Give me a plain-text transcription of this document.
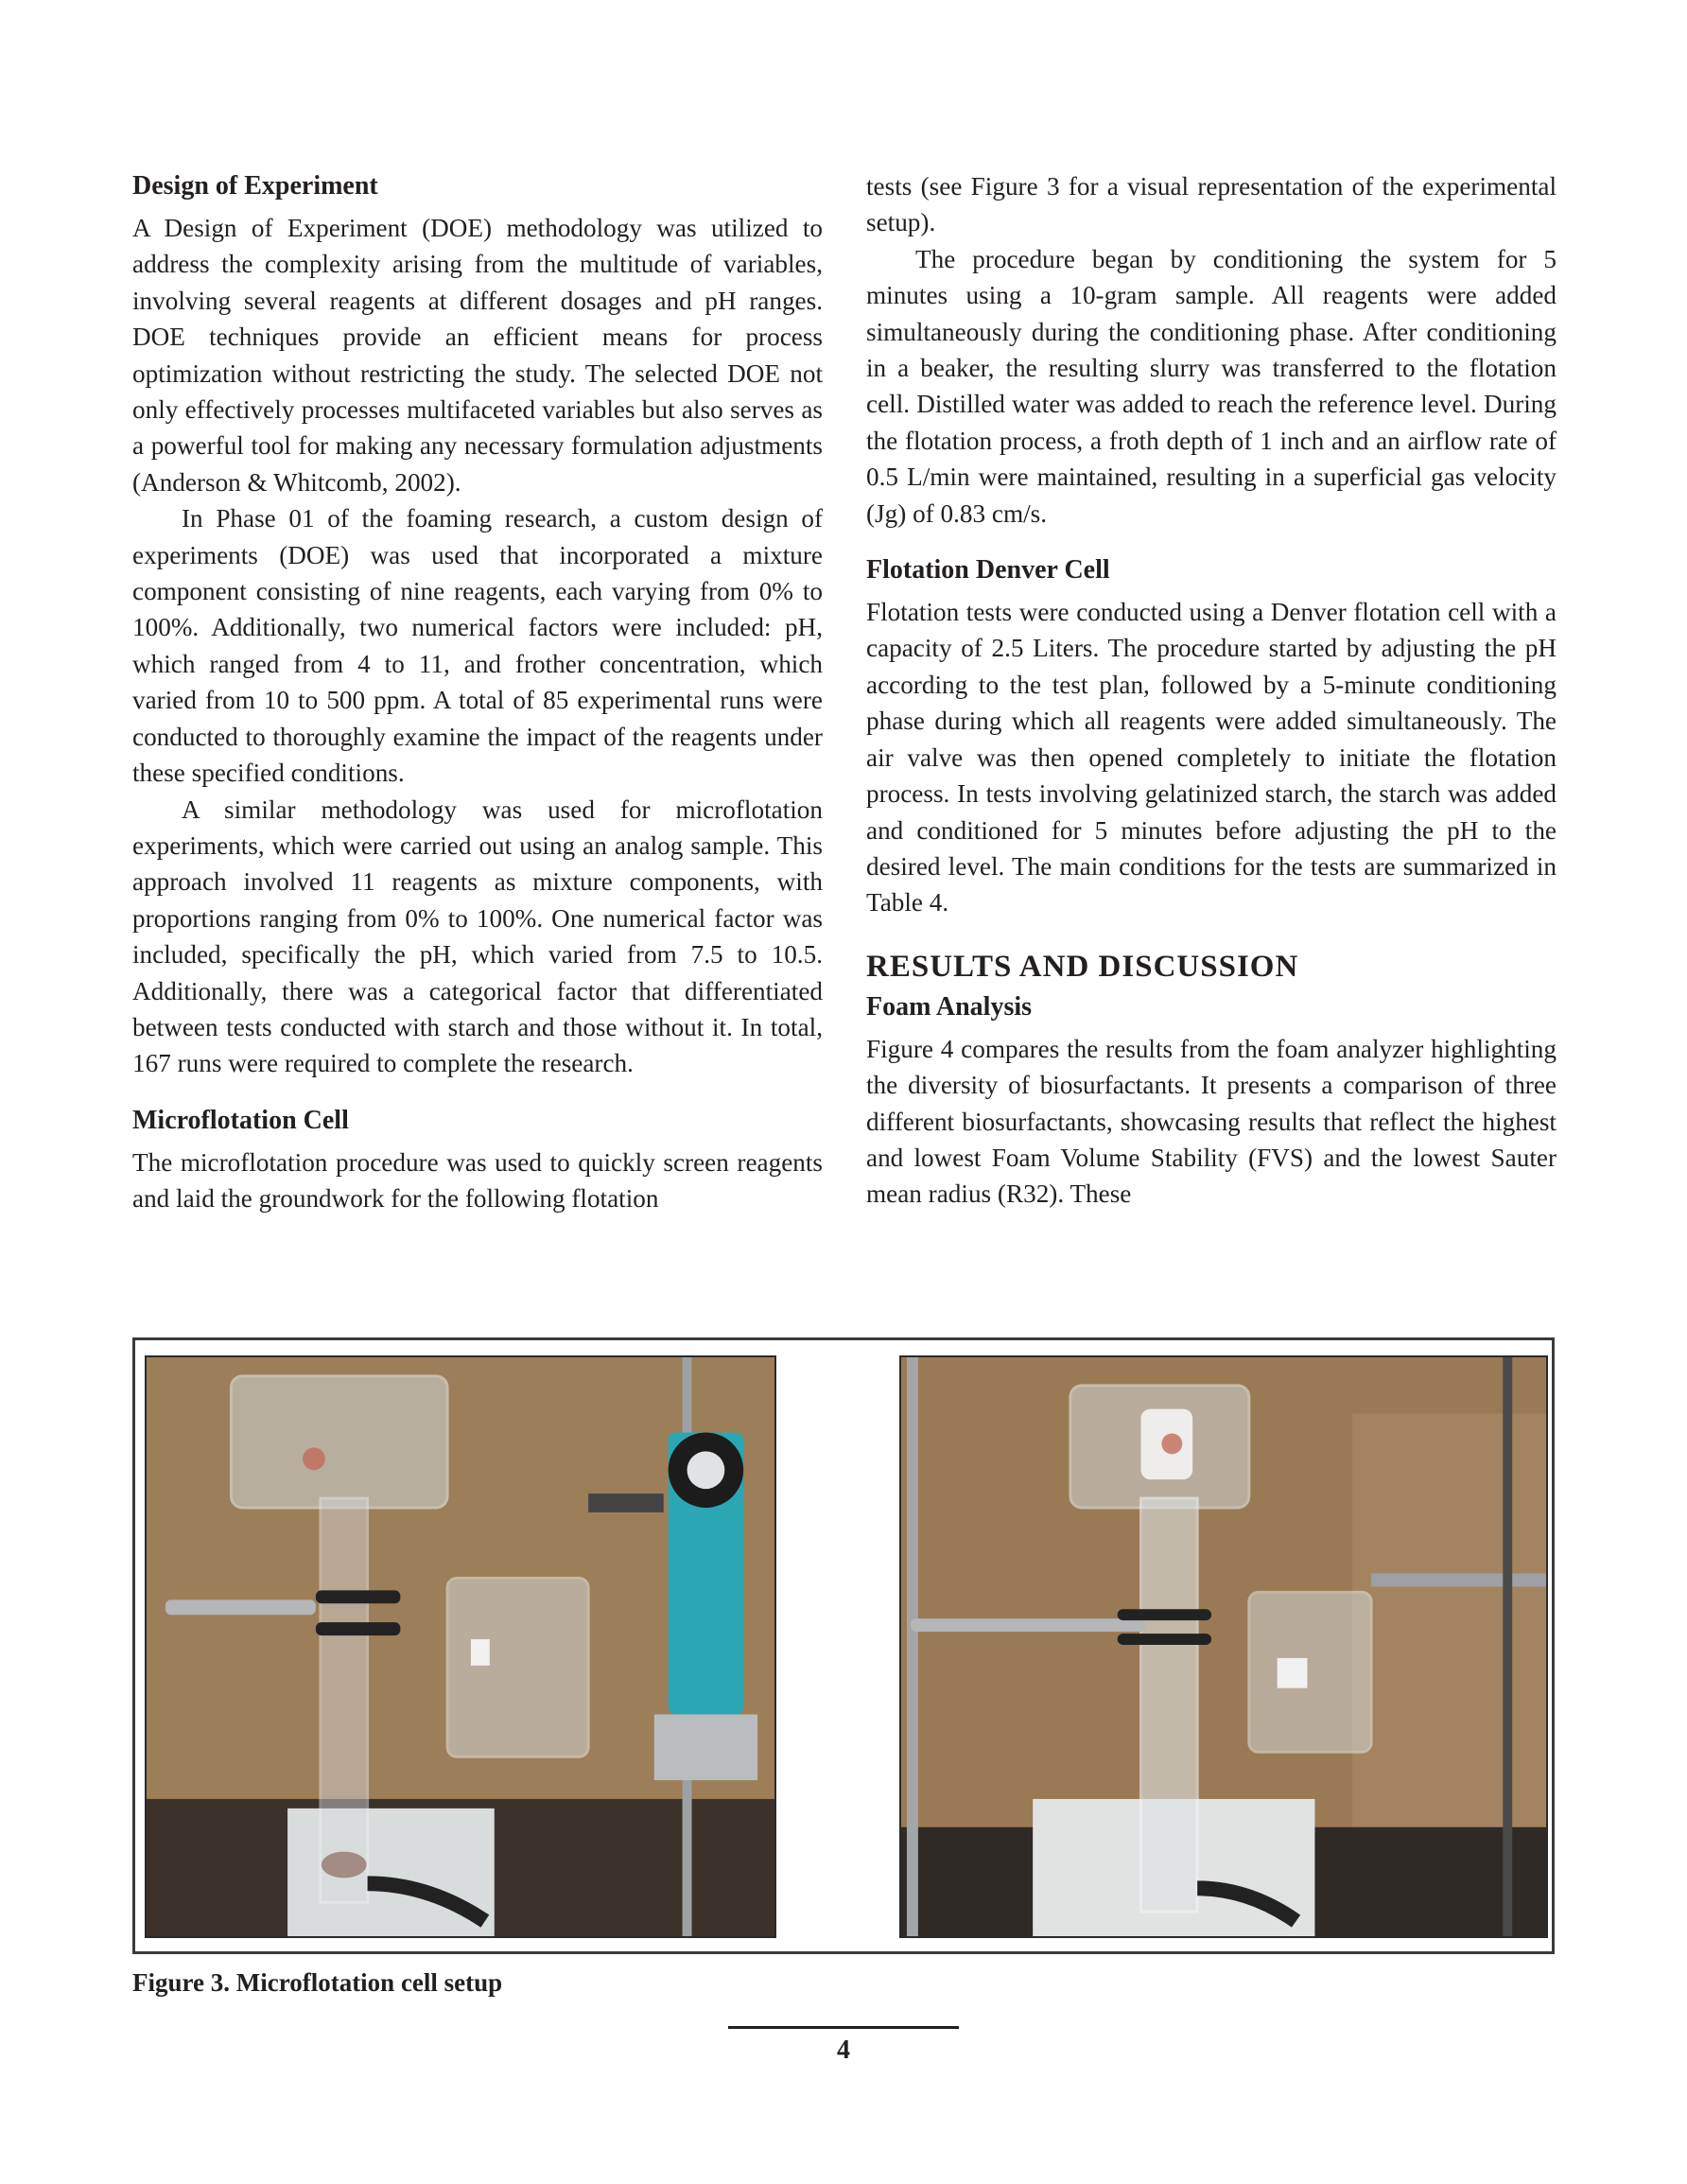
Design of Experiment

A Design of Experiment (DOE) methodology was utilized to address the complexity arising from the multitude of variables, involving several reagents at different dosages and pH ranges. DOE techniques provide an efficient means for process optimization without restricting the study. The selected DOE not only effectively processes multifaceted variables but also serves as a powerful tool for making any necessary formulation adjustments (Anderson & Whitcomb, 2002).

In Phase 01 of the foaming research, a custom design of experiments (DOE) was used that incorporated a mixture component consisting of nine reagents, each varying from 0% to 100%. Additionally, two numerical factors were included: pH, which ranged from 4 to 11, and frother concentration, which varied from 10 to 500 ppm. A total of 85 experimental runs were conducted to thoroughly examine the impact of the reagents under these specified conditions.

A similar methodology was used for microflotation experiments, which were carried out using an analog sample. This approach involved 11 reagents as mixture components, with proportions ranging from 0% to 100%. One numerical factor was included, specifically the pH, which varied from 7.5 to 10.5. Additionally, there was a categorical factor that differentiated between tests conducted with starch and those without it. In total, 167 runs were required to complete the research.

Microflotation Cell

The microflotation procedure was used to quickly screen reagents and laid the groundwork for the following flotation

tests (see Figure 3 for a visual representation of the experimental setup).

The procedure began by conditioning the system for 5 minutes using a 10-gram sample. All reagents were added simultaneously during the conditioning phase. After conditioning in a beaker, the resulting slurry was transferred to the flotation cell. Distilled water was added to reach the reference level. During the flotation process, a froth depth of 1 inch and an airflow rate of 0.5 L/min were maintained, resulting in a superficial gas velocity (Jg) of 0.83 cm/s.

Flotation Denver Cell

Flotation tests were conducted using a Denver flotation cell with a capacity of 2.5 Liters. The procedure started by adjusting the pH according to the test plan, followed by a 5-minute conditioning phase during which all reagents were added simultaneously. The air valve was then opened completely to initiate the flotation process. In tests involving gelatinized starch, the starch was added and conditioned for 5 minutes before adjusting the pH to the desired level. The main conditions for the tests are summarized in Table 4.

RESULTS AND DISCUSSION
Foam Analysis

Figure 4 compares the results from the foam analyzer highlighting the diversity of biosurfactants. It presents a comparison of three different biosurfactants, showcasing results that reflect the highest and lowest Foam Volume Stability (FVS) and the lowest Sauter mean radius (R32). These

Figure 3. Microflotation cell setup
4
